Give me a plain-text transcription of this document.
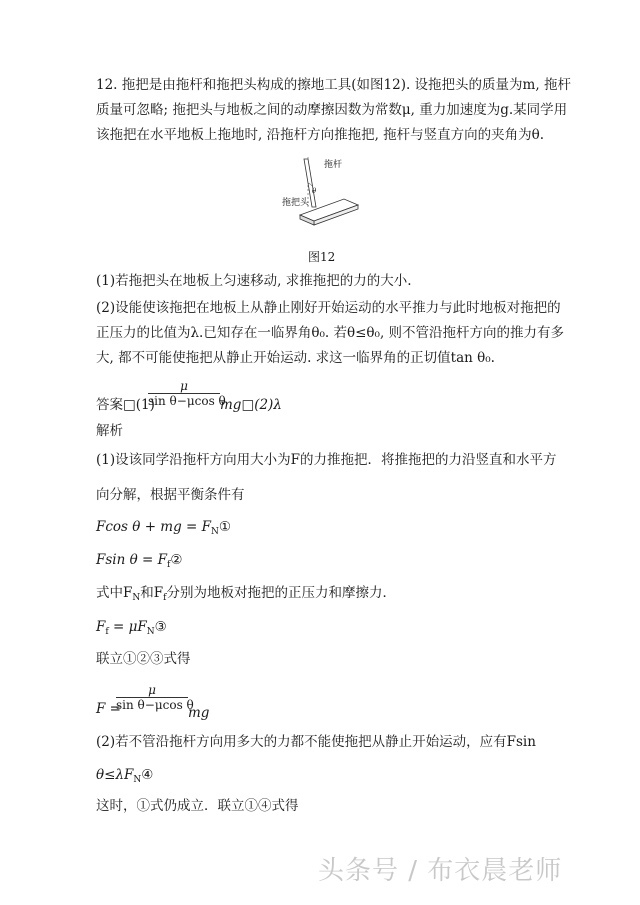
12. 拖把是由拖杆和拖把头构成的擦地工具(如图12). 设拖把头的质量为m, 拖杆
质量可忽略; 拖把头与地板之间的动摩擦因数为常数μ, 重力加速度为g.某同学用
该拖把在水平地板上拖地时, 沿拖杆方向推拖把, 拖杆与竖直方向的夹角为θ.
拖杆
拖把头
θ
图12
(1)若拖把头在地板上匀速移动, 求推拖把的力的大小.
(2)设能使该拖把在地板上从静止刚好开始运动的水平推力与此时地板对拖把的
正压力的比值为λ.已知存在一临界角θ₀. 若θ≤θ₀, 则不管沿拖杆方向的推力有多
大, 都不可能使拖把从静止开始运动. 求这一临界角的正切值tan θ₀.
答案□(1)
μ
sin θ−μcos θ
mg□(2)λ
解析
(1)设该同学沿拖杆方向用大小为F的力推拖把．将推拖把的力沿竖直和水平方
向分解，根据平衡条件有
Fcos θ + mg = $F_N①$
Fsin $\theta = F_f②$
式中$F_N$和$F_f$分别为地板对拖把的正压力和摩擦力．
$F_f$ = $\mu F_N③$
联立①②③式得
F =
μ
sin θ−μcos θ
mg
(2)若不管沿拖杆方向用多大的力都不能使拖把从静止开始运动，应有Fsin
$\theta\le\lambda F_N④$
这时，①式仍成立．联立①④式得
头条号 / 布衣晨老师
